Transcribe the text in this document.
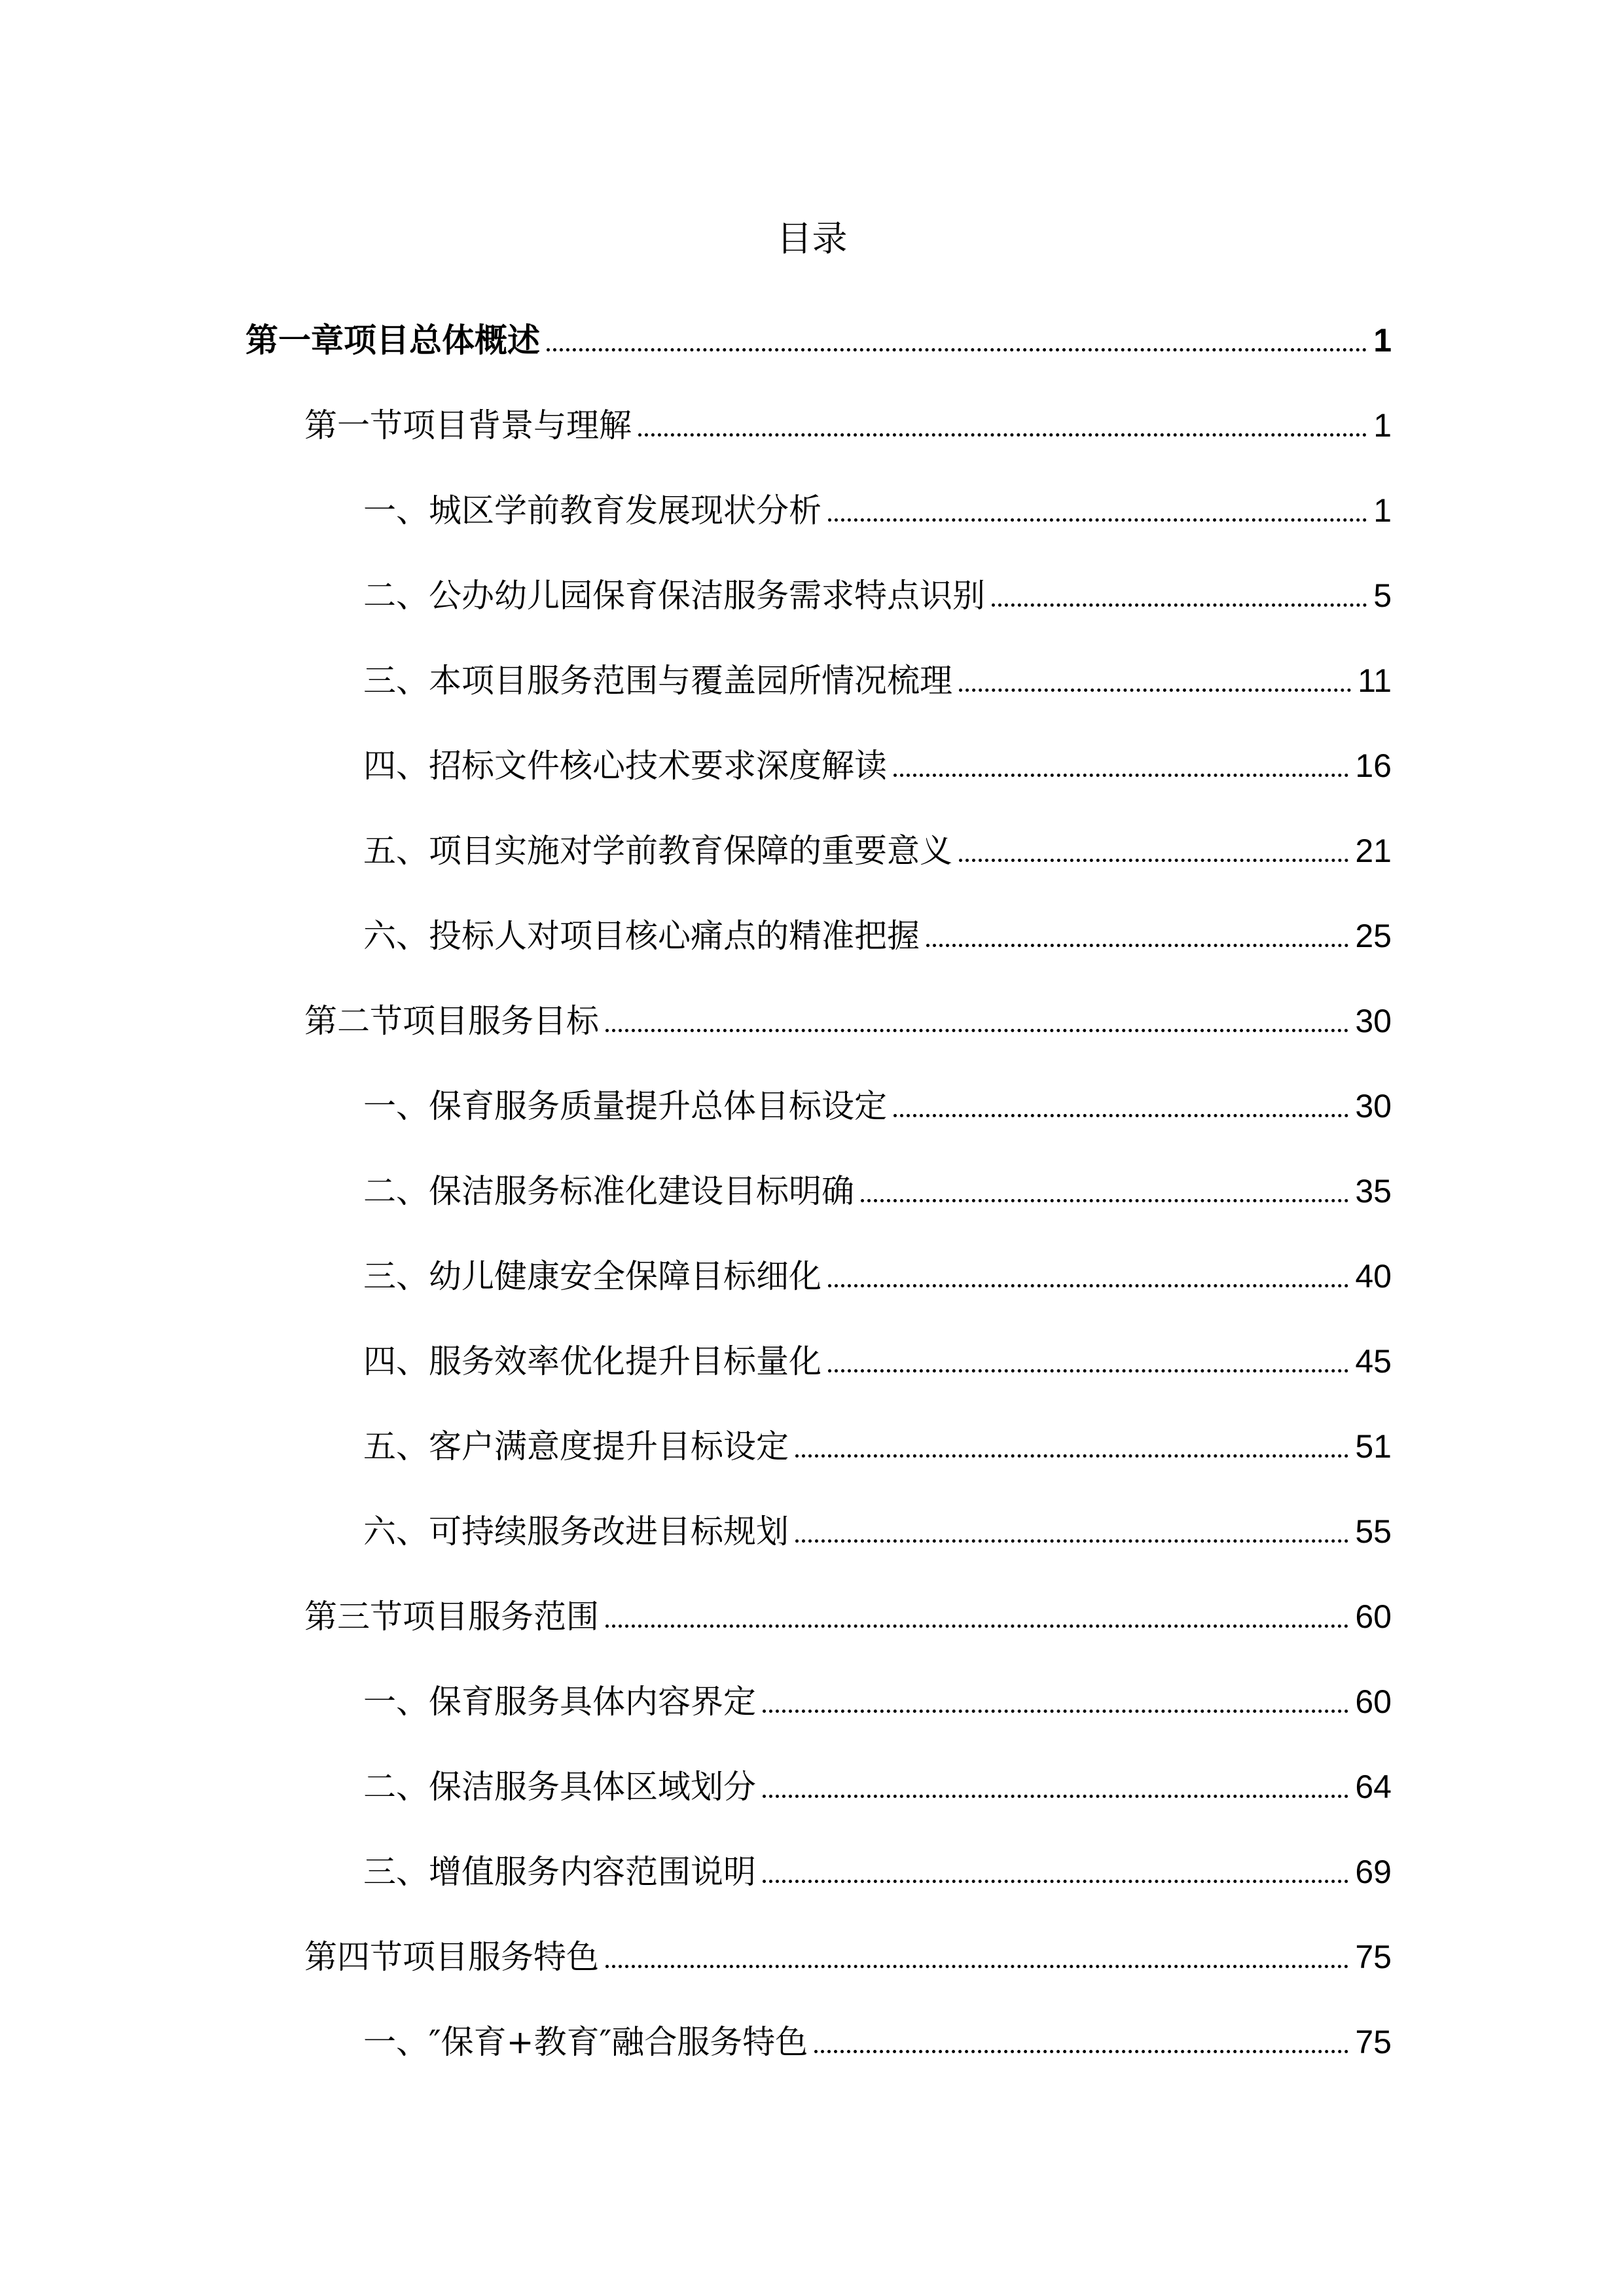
目录
第一章项目总体概述	1
第一节项目背景与理解	1
一、城区学前教育发展现状分析	1
二、公办幼儿园保育保洁服务需求特点识别	5
三、本项目服务范围与覆盖园所情况梳理	11
四、招标文件核心技术要求深度解读	16
五、项目实施对学前教育保障的重要意义	21
六、投标人对项目核心痛点的精准把握	25
第二节项目服务目标	30
一、保育服务质量提升总体目标设定	30
二、保洁服务标准化建设目标明确	35
三、幼儿健康安全保障目标细化	40
四、服务效率优化提升目标量化	45
五、客户满意度提升目标设定	51
六、可持续服务改进目标规划	55
第三节项目服务范围	60
一、保育服务具体内容界定	60
二、保洁服务具体区域划分	64
三、增值服务内容范围说明	69
第四节项目服务特色	75
一、″保育+教育″融合服务特色	75
